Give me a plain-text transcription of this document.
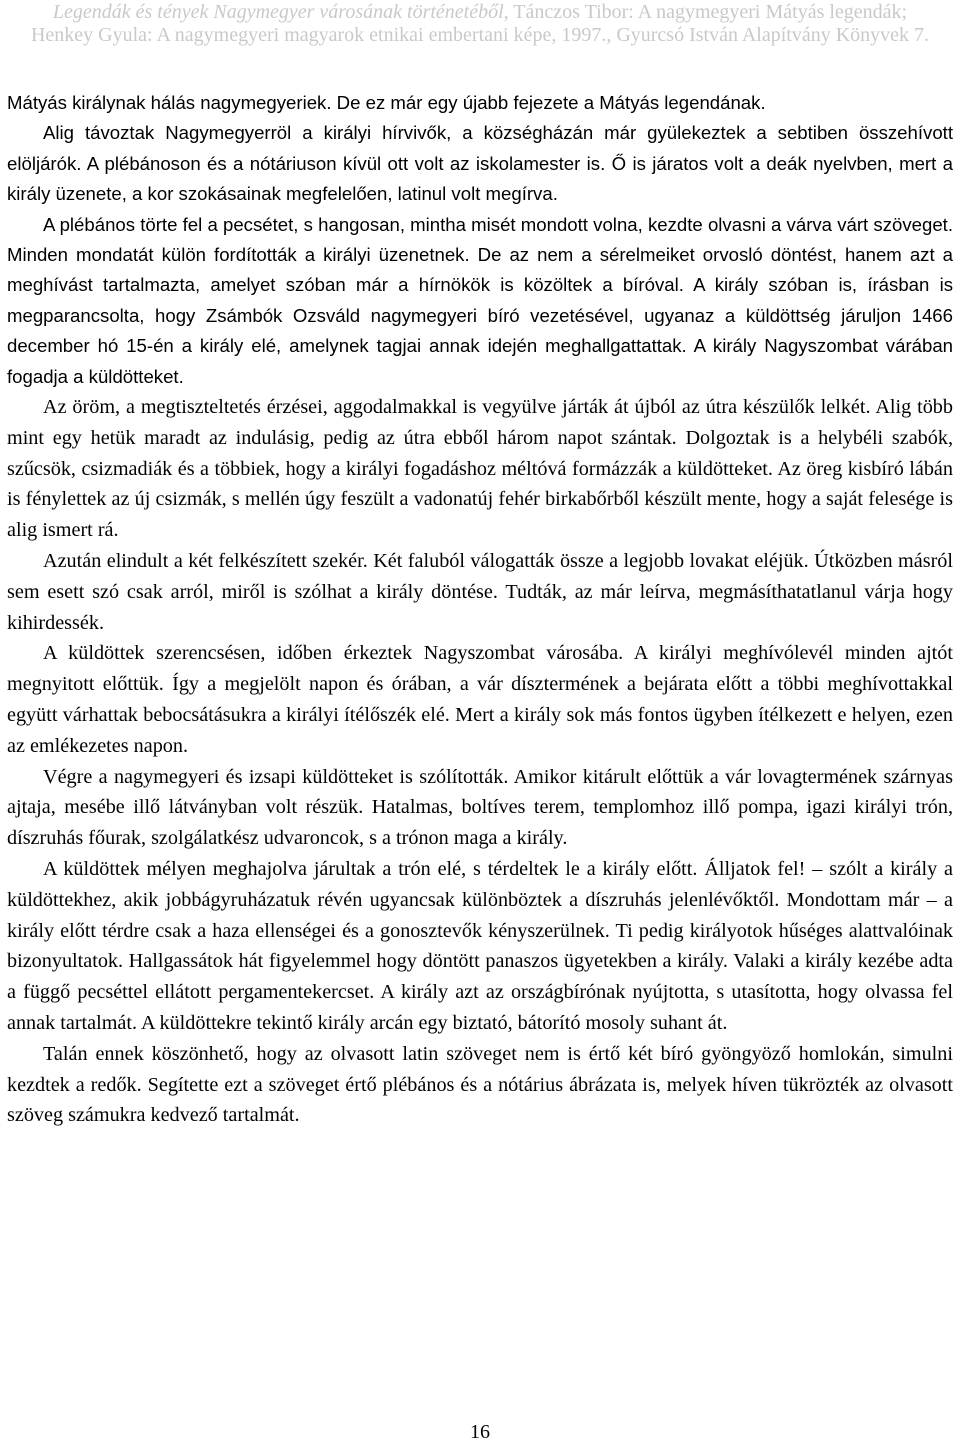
Legendák és tények Nagymegyer városának történetéből, Tánczos Tibor: A nagymegyeri Mátyás legendák;
Henkey Gyula: A nagymegyeri magyarok etnikai embertani képe, 1997., Gyurcsó István Alapítvány Könyvek 7.

Mátyás királynak hálás nagymegyeriek. De ez már egy újabb fejezete a Mátyás legendának.

Alig távoztak Nagymegyerröl a királyi hírvivők, a községházán már gyülekeztek a sebtiben összehívott elöljárók. A plébánoson és a nótáriuson kívül ott volt az iskolamester is. Ő is járatos volt a deák nyelvben, mert a király üzenete, a kor szokásainak megfelelően, latinul volt megírva.

A plébános törte fel a pecsétet, s hangosan, mintha misét mondott volna, kezdte olvasni a várva várt szöveget. Minden mondatát külön fordították a királyi üzenetnek. De az nem a sérelmeiket orvosló döntést, hanem azt a meghívást tartalmazta, amelyet szóban már a hírnökök is közöltek a bíróval. A király szóban is, írásban is megparancsolta, hogy Zsámbók Ozsváld nagymegyeri bíró vezetésével, ugyanaz a küldöttség járuljon 1466 december hó 15-én a király elé, amelynek tagjai annak idején meghallgattattak. A király Nagyszombat várában fogadja a küldötteket.

Az öröm, a megtiszteltetés érzései, aggodalmakkal is vegyülve járták át újból az útra készülők lelkét. Alig több mint egy hetük maradt az indulásig, pedig az útra ebből három napot szántak. Dolgoztak is a helybéli szabók, szűcsök, csizmadiák és a többiek, hogy a királyi fogadáshoz méltóvá formázzák a küldötteket. Az öreg kisbíró lábán is fénylettek az új csizmák, s mellén úgy feszült a vadonatúj fehér birkabőrből készült mente, hogy a saját felesége is alig ismert rá.

Azután elindult a két felkészített szekér. Két faluból válogatták össze a legjobb lovakat eléjük. Útközben másról sem esett szó csak arról, miről is szólhat a király döntése. Tudták, az már leírva, megmásíthatatlanul várja hogy kihirdessék.

A küldöttek szerencsésen, időben érkeztek Nagyszombat városába. A királyi meghívólevél minden ajtót megnyitott előttük. Így a megjelölt napon és órában, a vár dísztermének a bejárata előtt a többi meghívottakkal együtt várhattak bebocsátásukra a királyi ítélőszék elé. Mert a király sok más fontos ügyben ítélkezett e helyen, ezen az emlékezetes napon.

Végre a nagymegyeri és izsapi küldötteket is szólították. Amikor kitárult előttük a vár lovagtermének szárnyas ajtaja, mesébe illő látványban volt részük. Hatalmas, boltíves terem, templomhoz illő pompa, igazi királyi trón, díszruhás főurak, szolgálatkész udvaroncok, s a trónon maga a király.

A küldöttek mélyen meghajolva járultak a trón elé, s térdeltek le a király előtt. Álljatok fel! – szólt a király a küldöttekhez, akik jobbágyruházatuk révén ugyancsak különböztek a díszruhás jelenlévőktől. Mondottam már – a király előtt térdre csak a haza ellenségei és a gonosztevők kényszerülnek. Ti pedig királyotok hűséges alattvalóinak bizonyultatok. Hallgassátok hát figyelemmel hogy döntött panaszos ügyetekben a király. Valaki a király kezébe adta a függő pecséttel ellátott pergamentekercset. A király azt az országbírónak nyújtotta, s utasította, hogy olvassa fel annak tartalmát. A küldöttekre tekintő király arcán egy biztató, bátorító mosoly suhant át.

Talán ennek köszönhető, hogy az olvasott latin szöveget nem is értő két bíró gyöngyöző homlokán, simulni kezdtek a redők. Segítette ezt a szöveget értő plébános és a nótárius ábrázata is, melyek híven tükrözték az olvasott szöveg számukra kedvező tartalmát.

16
